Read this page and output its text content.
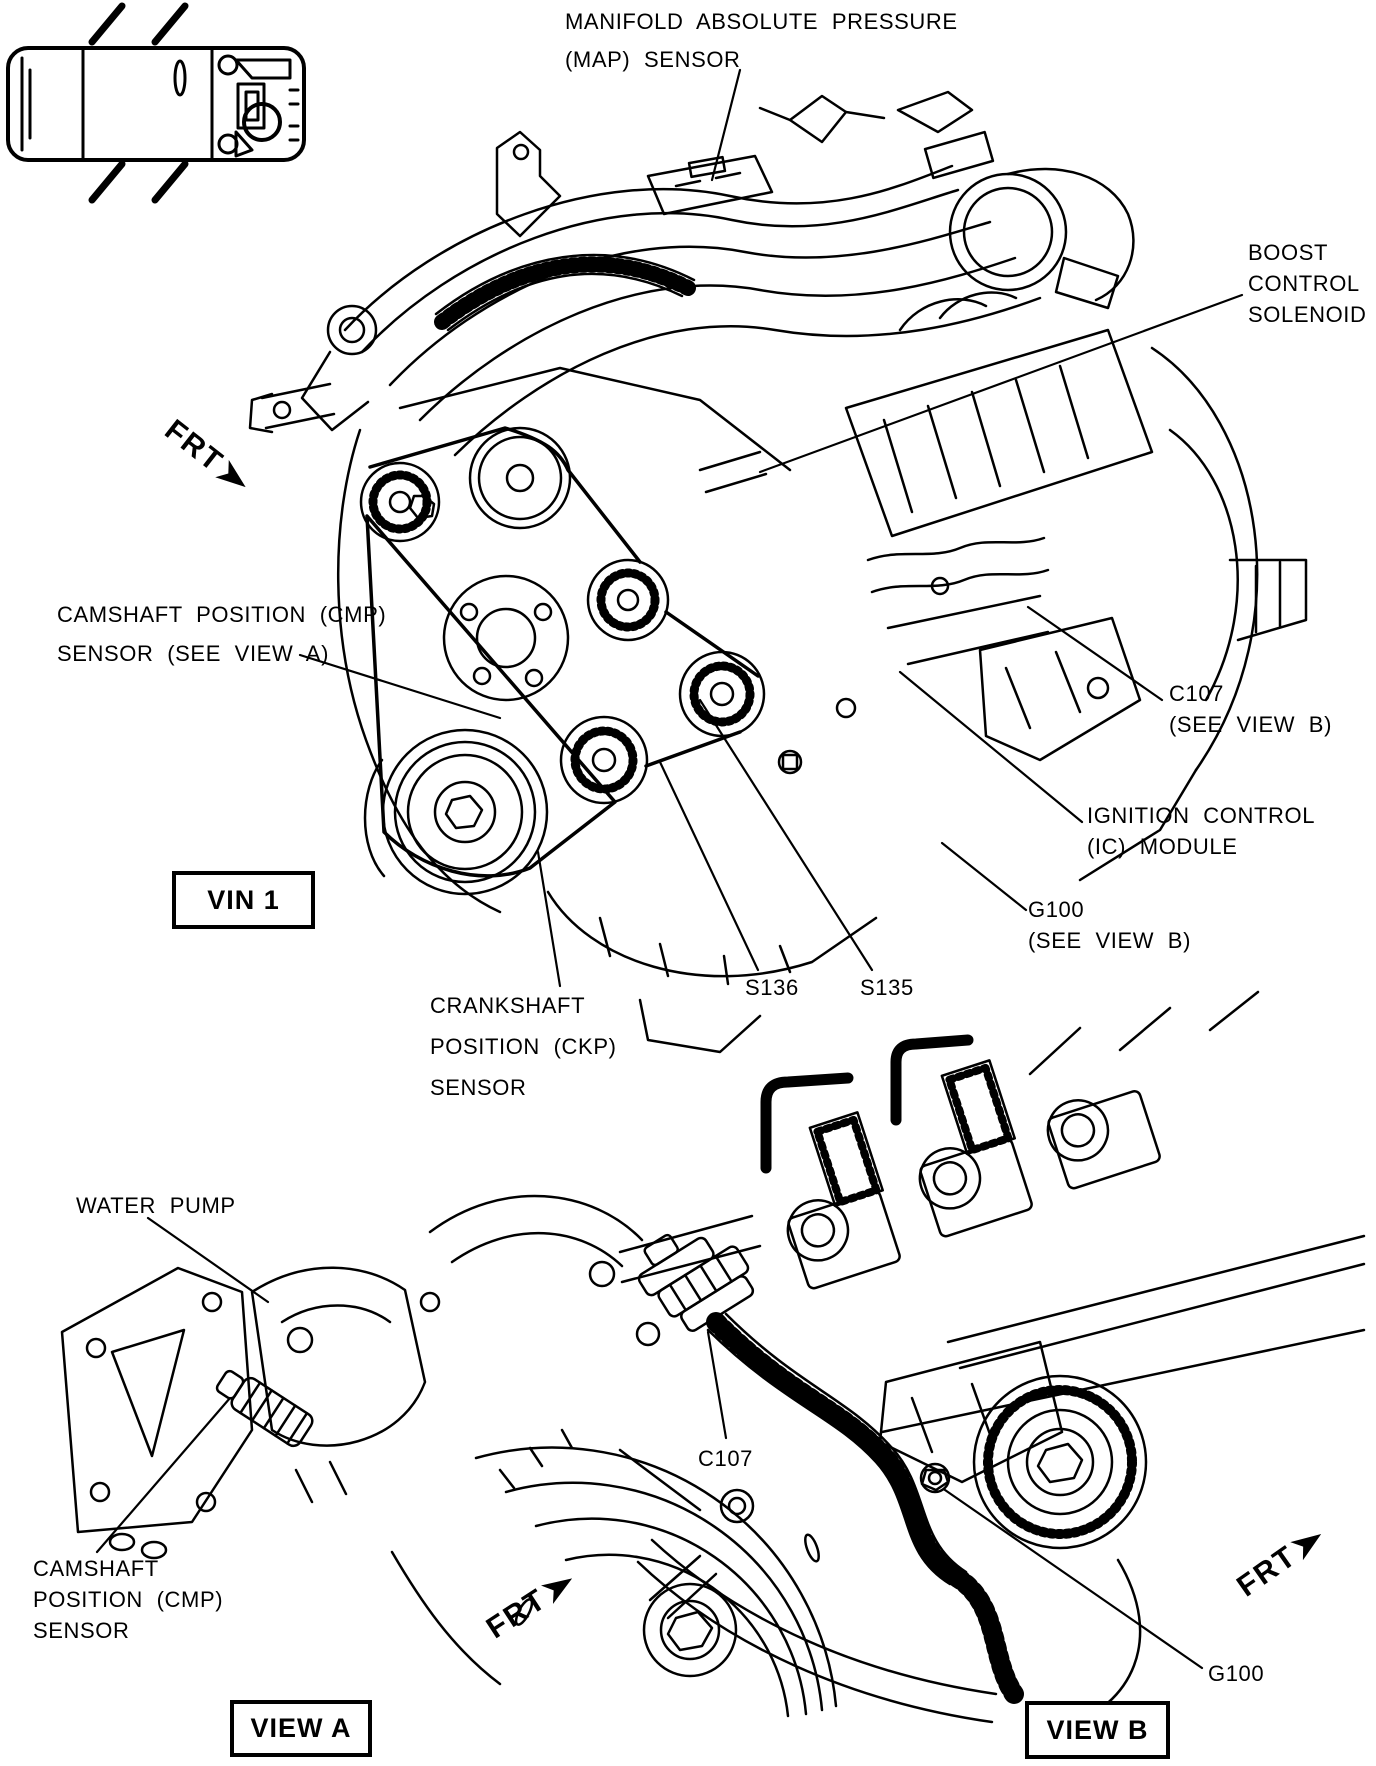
MANIFOLD ABSOLUTE PRESSURE
(MAP) SENSOR
BOOST
CONTROL
SOLENOID
CAMSHAFT POSITION (CMP)
SENSOR (SEE VIEW A)
C107
(SEE VIEW B)
IGNITION CONTROL
(IC) MODULE
G100
(SEE VIEW B)
S136	S135
CRANKSHAFT
POSITION (CKP)
SENSOR
VIN 1
FRT
WATER PUMP
CAMSHAFT
POSITION (CMP)
SENSOR
VIEW A
FRT
C107
G100
VIEW B
FRT
